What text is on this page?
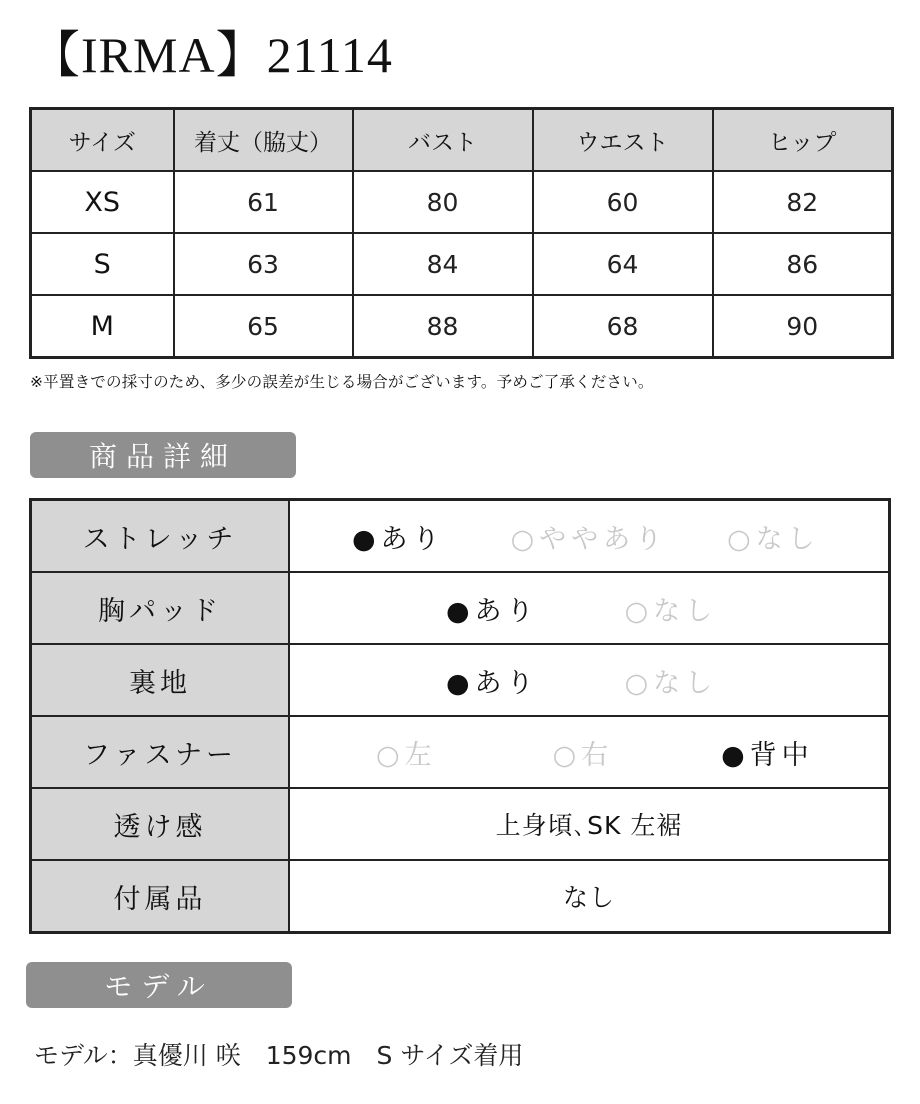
【IRMA】21114
サイズ	着丈（脇丈）	バスト	ウエスト	ヒップ
XS	61	80	60	82
S	63	84	64	86
M	65	88	68	90
※平置きでの採寸のため、多少の誤差が生じる場合がございます。予めご了承ください。
商品詳細
ストレッチ	●あり ○ややあり ○なし

胸パッド	●あり ○なし

裏地	●あり ○なし

ファスナー	○左 ○右 ●背中

透け感	上身頃､SK 左裾
付属品	なし
モデル
モデル：真優川 咲　159cm　S サイズ着用
